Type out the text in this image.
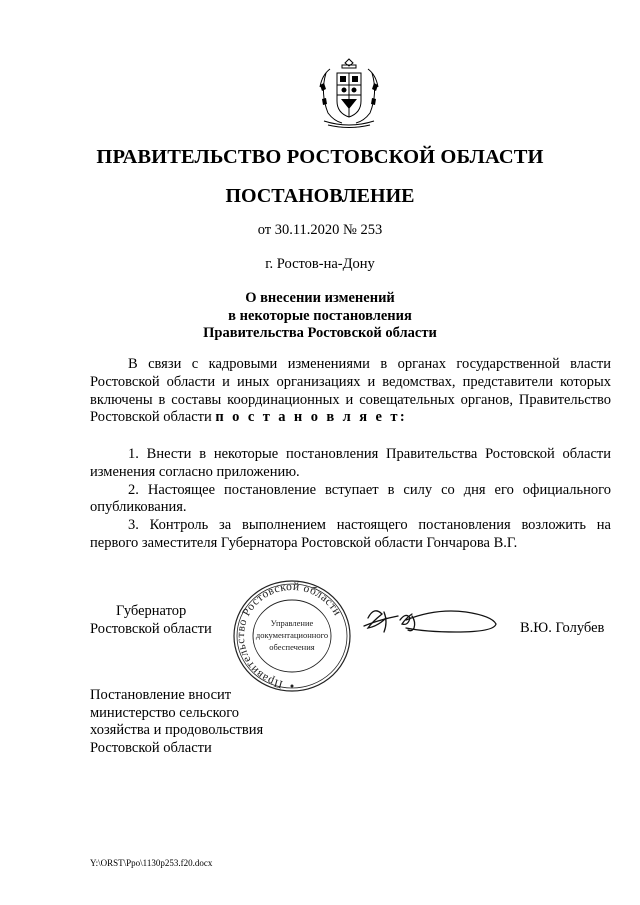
ПРАВИТЕЛЬСТВО РОСТОВСКОЙ ОБЛАСТИ
ПОСТАНОВЛЕНИЕ
от 30.11.2020 № 253
г. Ростов-на-Дону
О внесении изменений
в некоторые постановления
Правительства Ростовской области

В связи с кадровыми изменениями в органах государственной власти Ростовской области и иных организациях и ведомствах, представители которых включены в составы координационных и совещательных органов, Правительство Ростовской области п о с т а н о в л я е т:

1. Внести в некоторые постановления Правительства Ростовской области изменения согласно приложению.

2. Настоящее постановление вступает в силу со дня его официального опубликования.

3. Контроль за выполнением настоящего постановления возложить на первого заместителя Губернатора Ростовской области Гончарова В.Г.

Губернатор
Ростовской области
Правительство Ростовской области
Управление
документационного
обеспечения
В.Ю. Голубев
Постановление вносит
министерство сельского
хозяйства и продовольствия
Ростовской области
Y:\ORST\Ppo\1130p253.f20.docx
